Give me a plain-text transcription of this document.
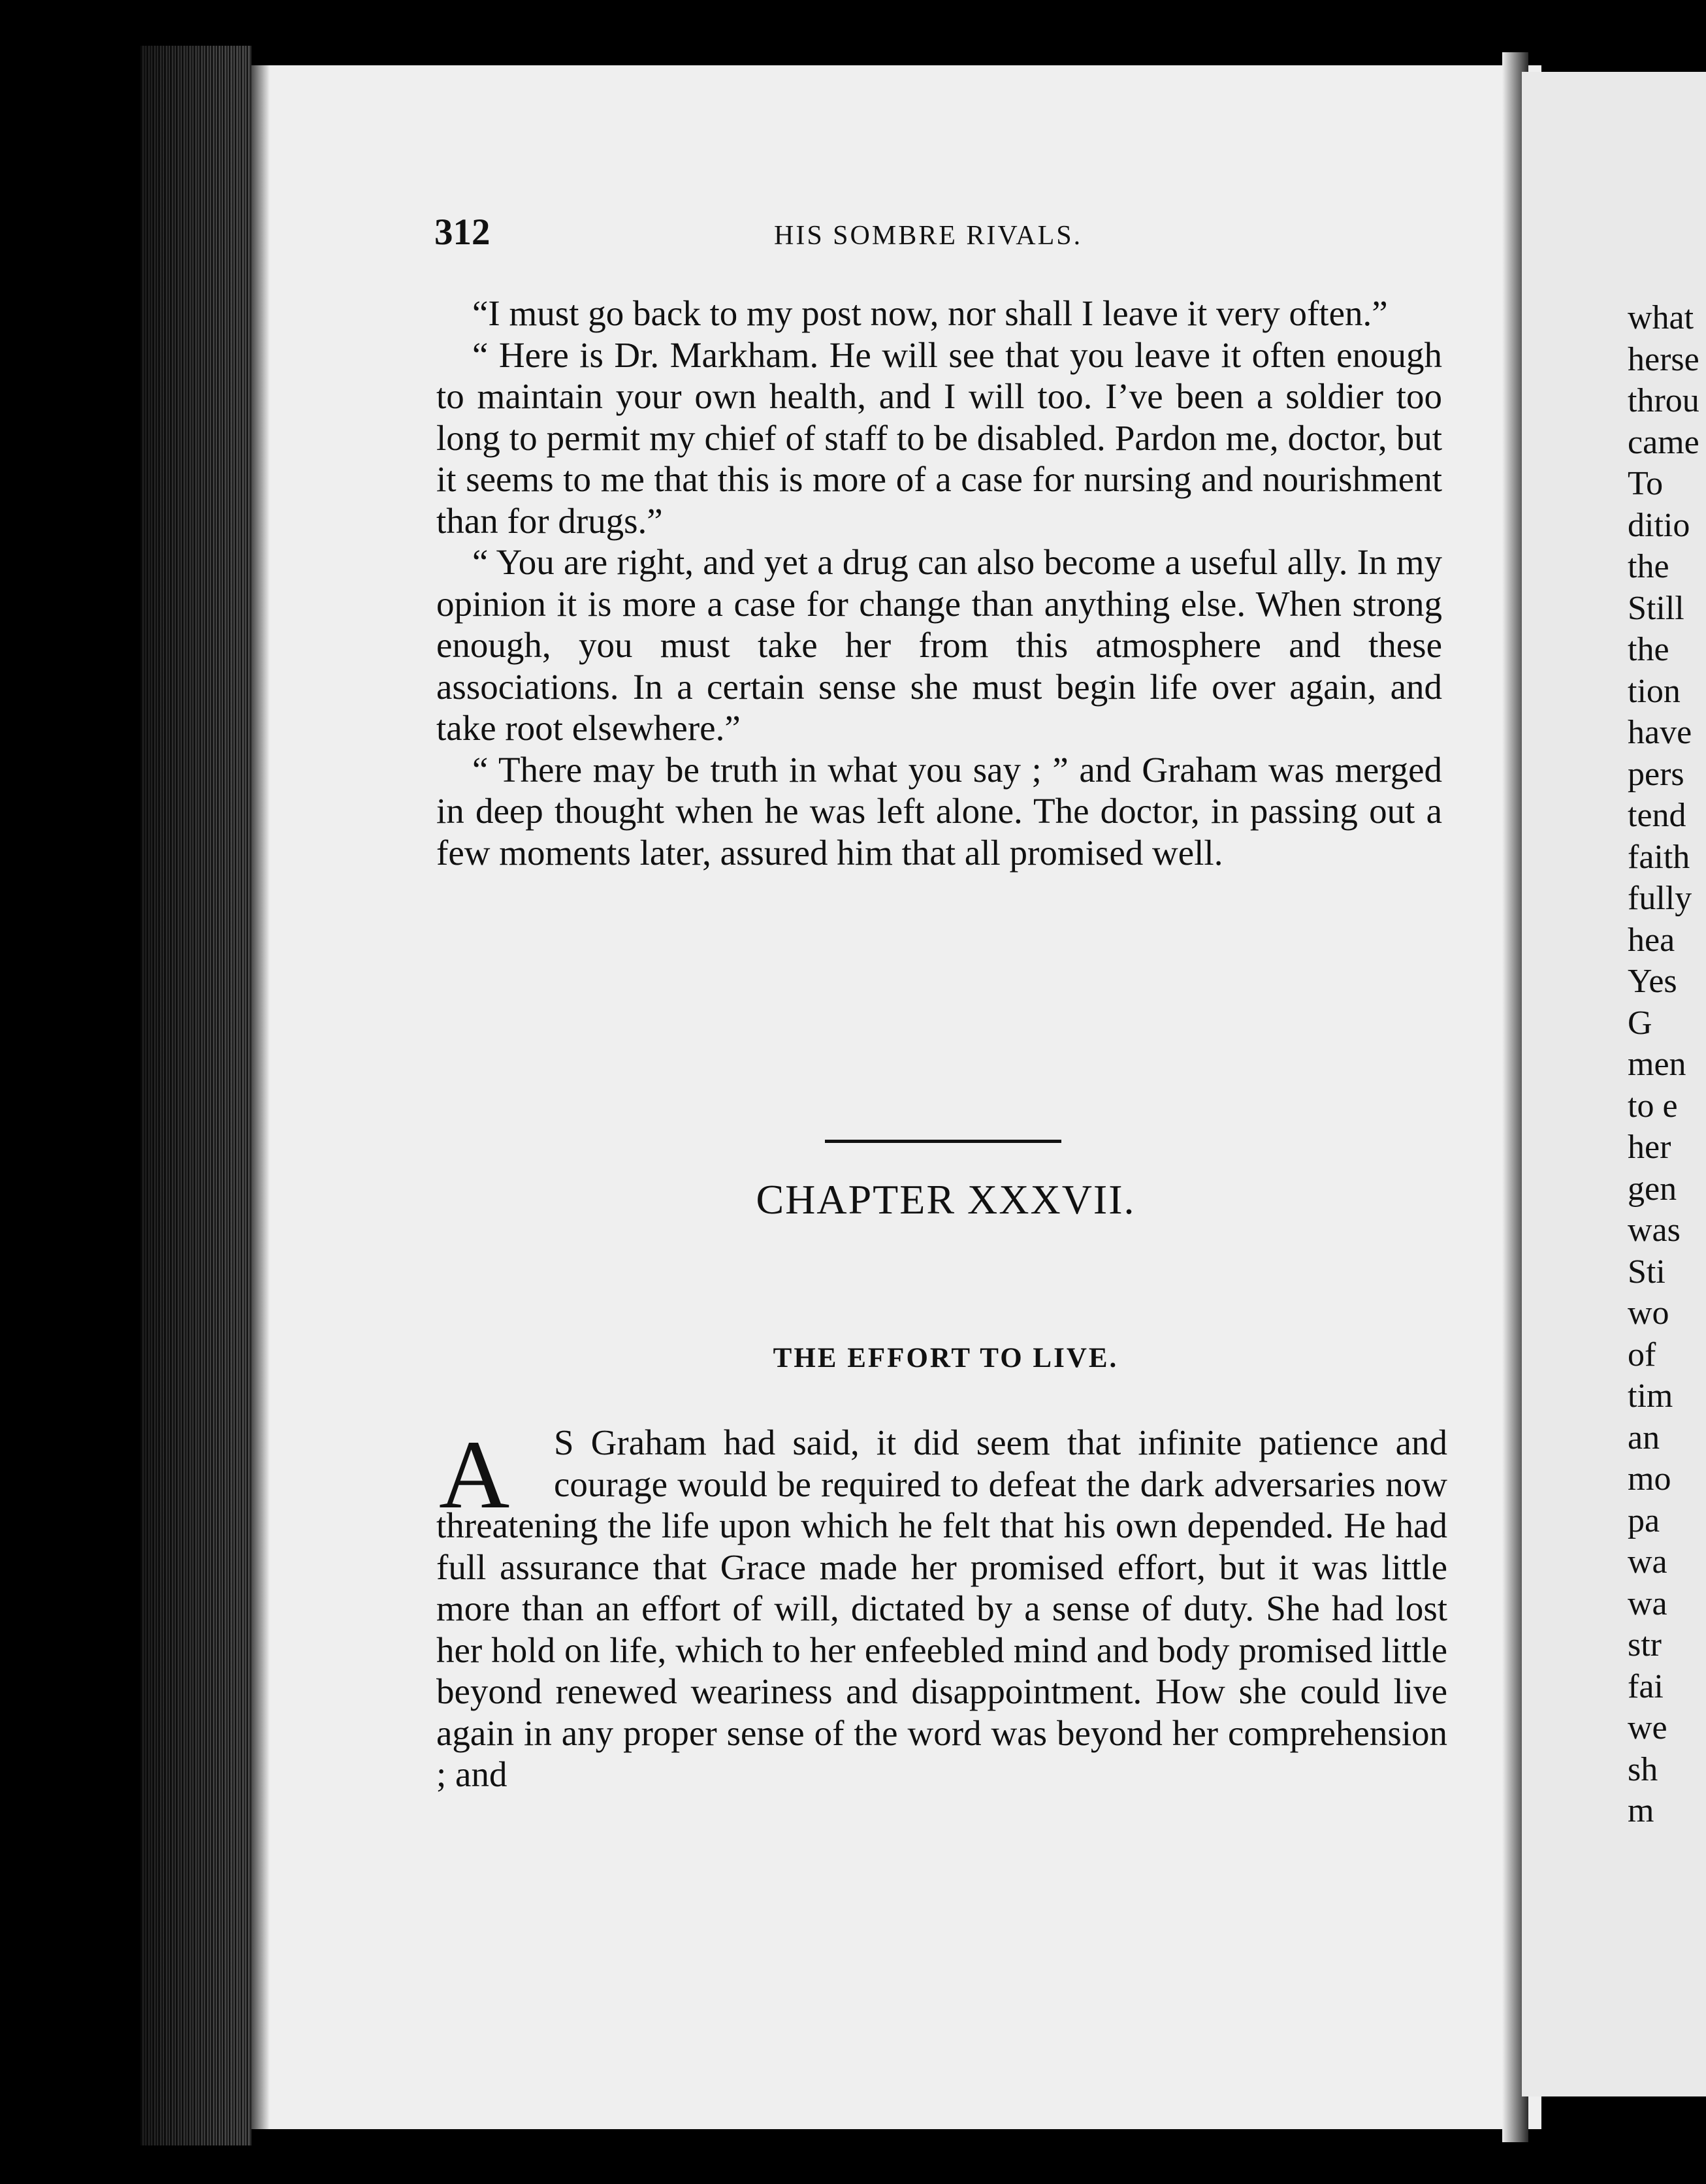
312	HIS SOMBRE RIVALS.

“I must go back to my post now, nor shall I leave it very often.”

“ Here is Dr. Markham. He will see that you leave it often enough to maintain your own health, and I will too. I’ve been a soldier too long to permit my chief of staff to be disabled. Pardon me, doctor, but it seems to me that this is more of a case for nursing and nourishment than for drugs.”

“ You are right, and yet a drug can also become a useful ally. In my opinion it is more a case for change than anything else. When strong enough, you must take her from this atmosphere and these associations. In a certain sense she must begin life over again, and take root elsewhere.”

“ There may be truth in what you say ; ” and Graham was merged in deep thought when he was left alone. The doctor, in passing out a few moments later, assured him that all promised well.

CHAPTER XXXVII.
THE EFFORT TO LIVE.
A	S Graham had said, it did seem that infinite patience and courage would be required to defeat the dark adversaries now threatening the life upon which he felt that his own depended. He had full assurance that Grace made her promised effort, but it was little more than an effort of will, dictated by a sense of duty. She had lost her hold on life, which to her enfeebled mind and body promised little beyond renewed weariness and disappointment. How she could live again in any proper sense of the word was beyond her comprehension ; and

what
herse
throu
came
To
ditio
the
Still
the
tion
have
pers
tend
faith
fully
hea
Yes
G
men
to e
her
gen
was
Sti
wo
of
tim
an
mo
pa
wa
wa
str
fai
we
sh
m
